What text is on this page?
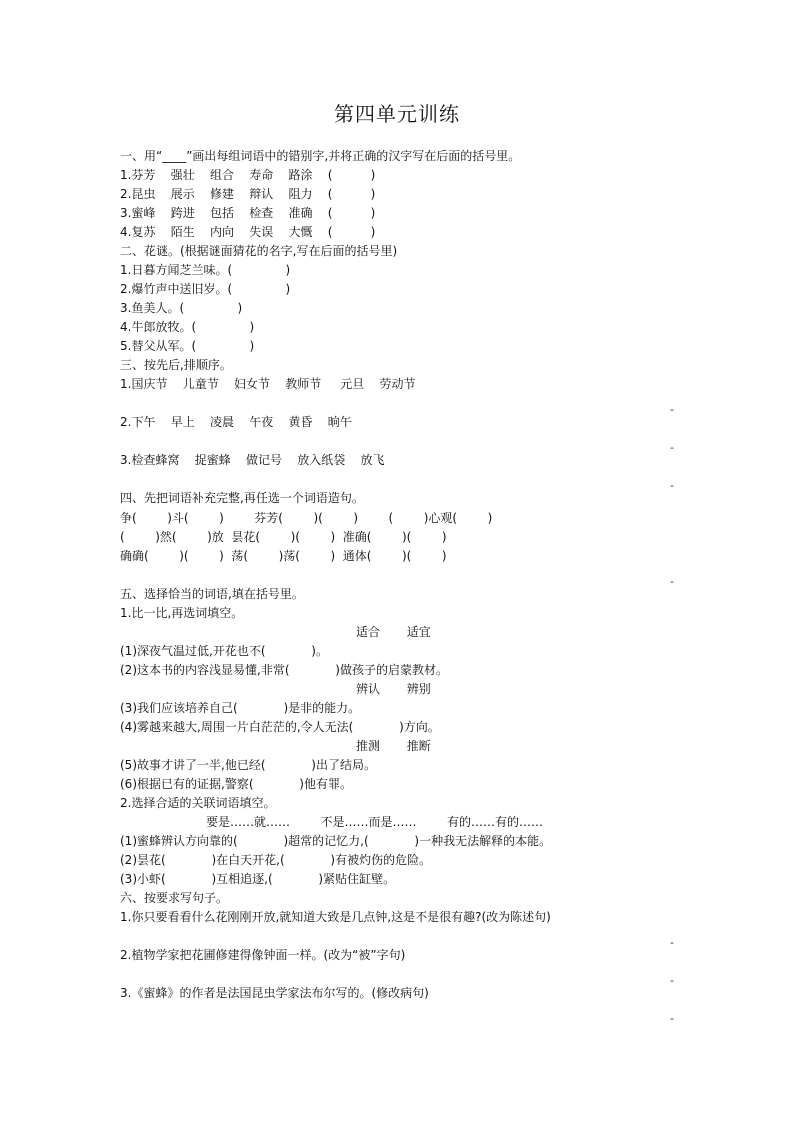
第四单元训练
一、用“____”画出每组词语中的错别字,并将正确的汉字写在后面的括号里。
1.芬芳    强壮    组合    寿命    路涂    (          )
2.昆虫    展示    修建    辩认    阻力    (          )
3.蜜峰    跨进    包括    检查    准确    (          )
4.复苏    陌生    内向    失误    大慨    (          )
二、花谜。(根据谜面猜花的名字,写在后面的括号里)
1.日暮方闻芝兰味。(              )
2.爆竹声中送旧岁。(              )
3.鱼美人。(              )
4.牛郎放牧。(              )
5.替父从军。(              )
三、按先后,排顺序。
1.国庆节    儿童节    妇女节    教师节     元旦    劳动节
-
2.下午    早上    凌晨    午夜    黄昏    晌午
-
3.检查蜂窝    捉蜜蜂    做记号    放入纸袋    放飞
-
四、先把词语补充完整,再任选一个词语造句。
争(        )斗(        )        芬芳(        )(        )        (        )心观(        )
(        )然(        )放  昙花(        )(        )  准确(        )(        )
确确(        )(        )  荡(        )荡(        )  通体(        )(        )
-
五、选择恰当的词语,填在括号里。
1.比一比,再选词填空。
适合       适宜
(1)深夜气温过低,开花也不(            )。
(2)这本书的内容浅显易懂,非常(            )做孩子的启蒙教材。
辨认       辨别
(3)我们应该培养自己(            )是非的能力。
(4)雾越来越大,周围一片白茫茫的,令人无法(            )方向。
推测       推断
(5)故事才讲了一半,他已经(            )出了结局。
(6)根据已有的证据,警察(            )他有罪。
2.选择合适的关联词语填空。
要是……就……        不是……而是……        有的……有的……
(1)蜜蜂辨认方向靠的(            )超常的记忆力,(            )一种我无法解释的本能。
(2)昙花(            )在白天开花,(            )有被灼伤的危险。
(3)小虾(            )互相追逐,(            )紧贴住缸壁。
六、按要求写句子。
1.你只要看看什么花刚刚开放,就知道大致是几点钟,这是不是很有趣?(改为陈述句)
-
2.植物学家把花圃修建得像钟面一样。(改为“被”字句)
-
3.《蜜蜂》的作者是法国昆虫学家法布尔写的。(修改病句)
-
